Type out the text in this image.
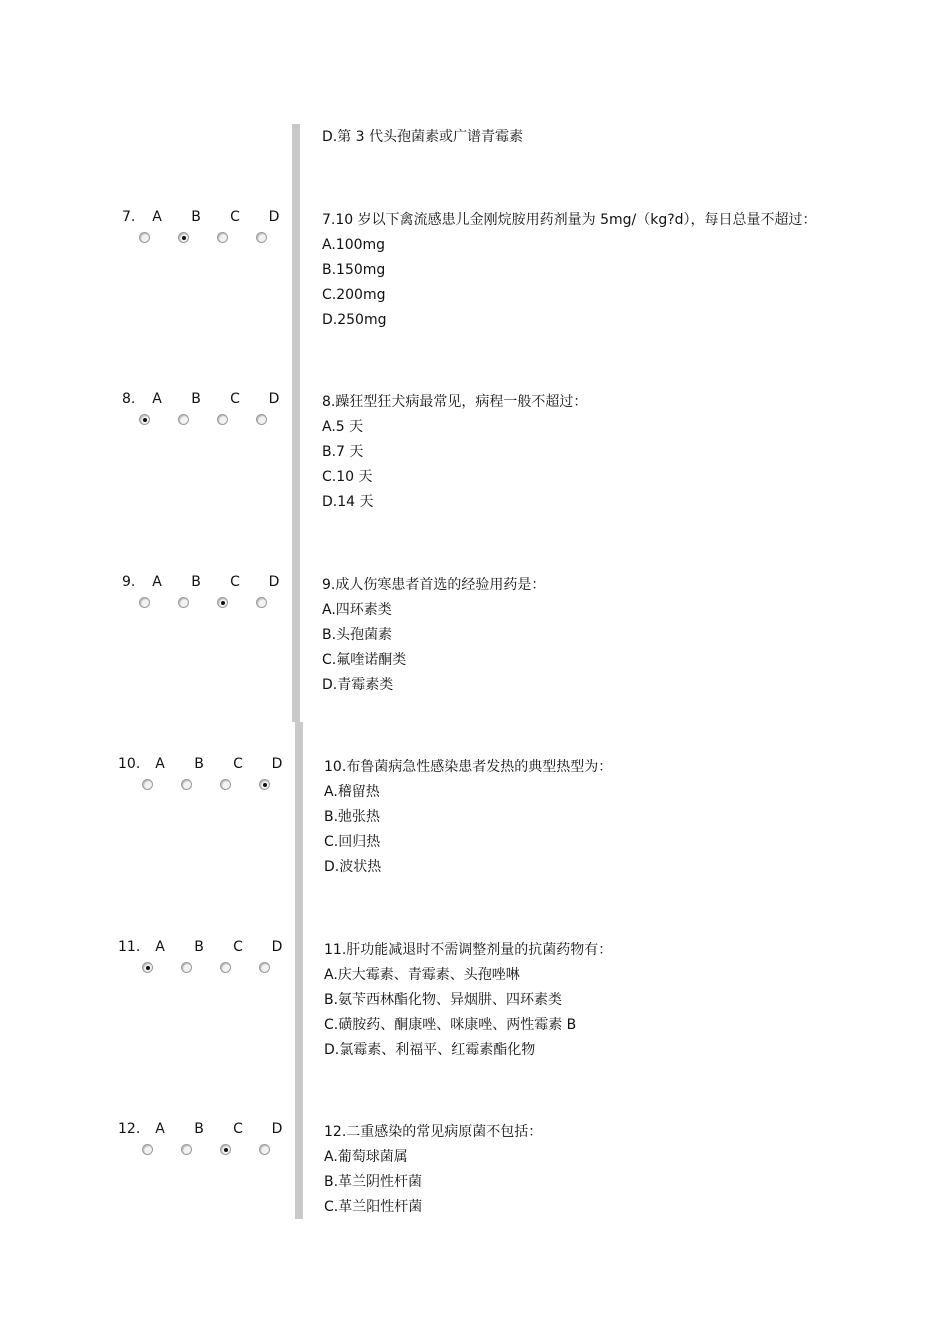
D.第 3 代头孢菌素或广谱青霉素
7. A B C D	7.10 岁以下禽流感患儿金刚烷胺用药剂量为 5mg/（kg?d），每日总量不超过：
A.100mg
B.150mg
C.200mg
D.250mg
8. A B C D	8.躁狂型狂犬病最常见，病程一般不超过：
A.5 天
B.7 天
C.10 天
D.14 天
9. A B C D	9.成人伤寒患者首选的经验用药是：
A.四环素类
B.头孢菌素
C.氟喹诺酮类
D.青霉素类
10. A B C D	10.布鲁菌病急性感染患者发热的典型热型为：
A.稽留热
B.弛张热
C.回归热
D.波状热
11. A B C D	11.肝功能减退时不需调整剂量的抗菌药物有：
A.庆大霉素、青霉素、头孢唑啉
B.氨苄西林酯化物、异烟肼、四环素类
C.磺胺药、酮康唑、咪康唑、两性霉素 B
D.氯霉素、利福平、红霉素酯化物
12. A B C D	12.二重感染的常见病原菌不包括：
A.葡萄球菌属
B.革兰阴性杆菌
C.革兰阳性杆菌
